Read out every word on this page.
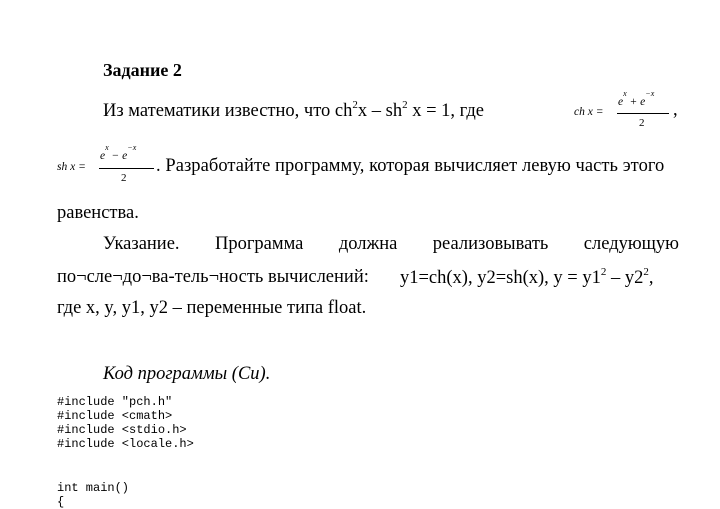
Задание 2
Из математики известно, что $ch^2x - sh^2$ x = 1, где	ch x =
$e^x + e^{-x}$
2
,
sh x =
$e^x - e^{-x}$
2
. Разработайте программу, которая вычисляет левую часть этого
равенства.
Указание. Программа должна реализовывать следующую
по¬сле¬до¬ва-тель¬ность вычислений: y1=ch(x), y2=sh(x), $y = y1^2 - y2^2$,
где x, y, y1, y2 – переменные типа float.
Код программы (Си).
#include "pch.h"
#include <cmath>
#include <stdio.h>
#include <locale.h>
int main()
{
